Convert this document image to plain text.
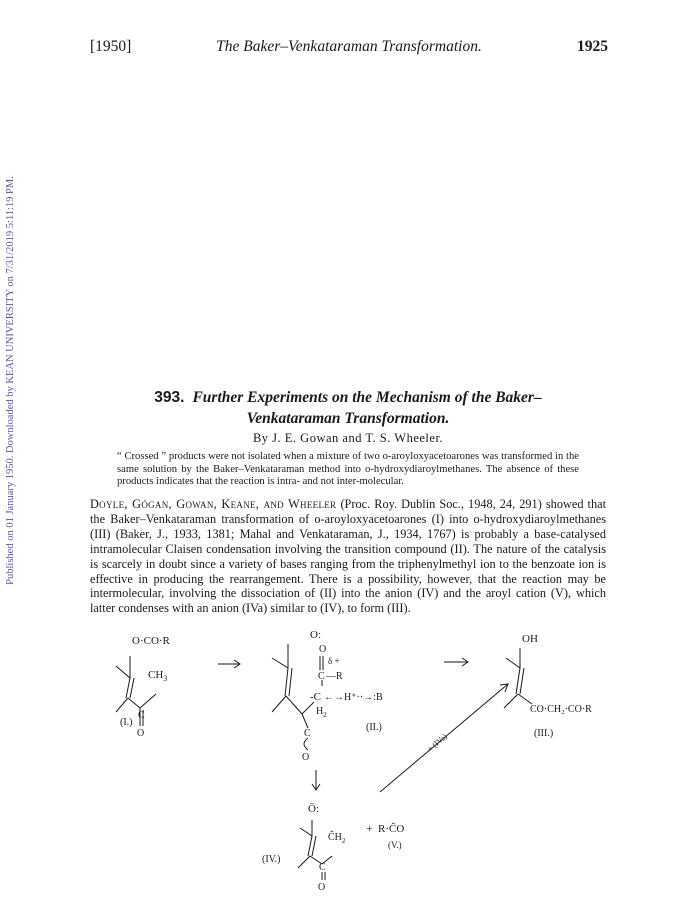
Published on 01 January 1950. Downloaded by KEAN UNIVERSITY on 7/31/2019 5:11:19 PM.
[1950]	The Baker–Venkataraman Transformation.	1925
393. Further Experiments on the Mechanism of the Baker–Venkataraman Transformation.
By J. E. Gowan and T. S. Wheeler.
“ Crossed ” products were not isolated when a mixture of two o-aroyloxyacetoarones was transformed in the same solution by the Baker–Venkataraman method into o-hydroxydiaroylmethanes. The absence of these products indicates that the reaction is intra- and not inter-molecular.
Doyle, Gógan, Gowan, Keane, and Wheeler (Proc. Roy. Dublin Soc., 1948, 24, 291) showed that the Baker–Venkataraman transformation of o-aroyloxyacetoarones (I) into o-hydroxydiaroylmethanes (III) (Baker, J., 1933, 1381; Mahal and Venkataraman, J., 1934, 1767) is probably a base-catalysed intramolecular Claisen condensation involving the transition compound (II). The nature of the catalysis is scarcely in doubt since a variety of bases ranging from the triphenylmethyl ion to the benzoate ion is effective in producing the rearrangement. There is a possibility, however, that the reaction may be intermolecular, involving the dissociation of (II) into the anion (IV) and the aroyl cation (V), which latter condenses with an anion (IVa) similar to (IV), to form (III).
O·CO·R
$CH_3$
C
O
(I.)
O:
O
δ +
C —R
-C ←→H⁺··→:B
$H_2$
C
O
(II.)
OH
CO·CH₂·CO·R
(III.)
+ (IVa)
Ō:
$ĈH_2$
C
O
(IV.)
+ R·ĈO
(V.)
